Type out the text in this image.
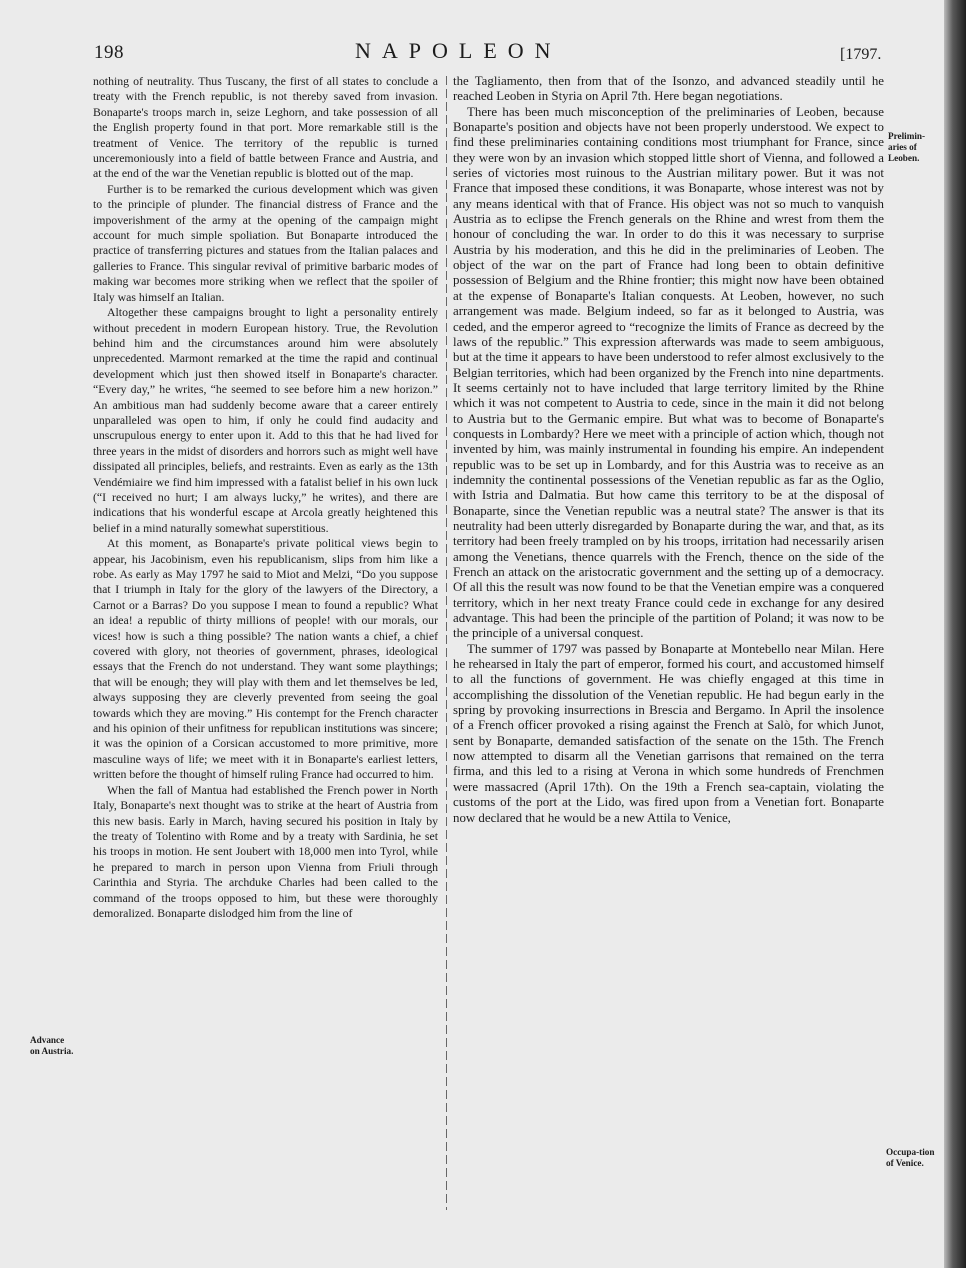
198	NAPOLEON	[1797.

nothing of neutrality. Thus Tuscany, the first of all states to conclude a treaty with the French republic, is not thereby saved from invasion. Bonaparte's troops march in, seize Leghorn, and take possession of all the English property found in that port. More remarkable still is the treatment of Venice. The territory of the republic is turned unceremoniously into a field of battle between France and Austria, and at the end of the war the Venetian republic is blotted out of the map.

Further is to be remarked the curious development which was given to the principle of plunder. The financial distress of France and the impoverishment of the army at the opening of the campaign might account for much simple spoliation. But Bonaparte introduced the practice of transferring pictures and statues from the Italian palaces and galleries to France. This singular revival of primitive barbaric modes of making war becomes more striking when we reflect that the spoiler of Italy was himself an Italian.

Altogether these campaigns brought to light a personality entirely without precedent in modern European history. True, the Revolution behind him and the circumstances around him were absolutely unprecedented. Marmont remarked at the time the rapid and continual development which just then showed itself in Bonaparte's character. “Every day,” he writes, “he seemed to see before him a new horizon.” An ambitious man had suddenly become aware that a career entirely unparalleled was open to him, if only he could find audacity and unscrupulous energy to enter upon it. Add to this that he had lived for three years in the midst of disorders and horrors such as might well have dissipated all principles, beliefs, and restraints. Even as early as the 13th Vendémiaire we find him impressed with a fatalist belief in his own luck (“I received no hurt; I am always lucky,” he writes), and there are indications that his wonderful escape at Arcola greatly heightened this belief in a mind naturally somewhat superstitious.

At this moment, as Bonaparte's private political views begin to appear, his Jacobinism, even his republicanism, slips from him like a robe. As early as May 1797 he said to Miot and Melzi, “Do you suppose that I triumph in Italy for the glory of the lawyers of the Directory, a Carnot or a Barras? Do you suppose I mean to found a republic? What an idea! a republic of thirty millions of people! with our morals, our vices! how is such a thing possible? The nation wants a chief, a chief covered with glory, not theories of government, phrases, ideological essays that the French do not understand. They want some playthings; that will be enough; they will play with them and let themselves be led, always supposing they are cleverly prevented from seeing the goal towards which they are moving.” His contempt for the French character and his opinion of their unfitness for republican institutions was sincere; it was the opinion of a Corsican accustomed to more primitive, more masculine ways of life; we meet with it in Bonaparte's earliest letters, written before the thought of himself ruling France had occurred to him.

When the fall of Mantua had established the French power in North Italy, Bonaparte's next thought was to strike at the heart of Austria from this new basis. Early in March, having secured his position in Italy by the treaty of Tolentino with Rome and by a treaty with Sardinia, he set his troops in motion. He sent Joubert with 18,000 men into Tyrol, while he prepared to march in person upon Vienna from Friuli through Carinthia and Styria. The archduke Charles had been called to the command of the troops opposed to him, but these were thoroughly demoralized. Bonaparte dislodged him from the line of

the Tagliamento, then from that of the Isonzo, and advanced steadily until he reached Leoben in Styria on April 7th. Here began negotiations.

There has been much misconception of the preliminaries of Leoben, because Bonaparte's position and objects have not been properly understood. We expect to find these preliminaries containing conditions most triumphant for France, since they were won by an invasion which stopped little short of Vienna, and followed a series of victories most ruinous to the Austrian military power. But it was not France that imposed these conditions, it was Bonaparte, whose interest was not by any means identical with that of France. His object was not so much to vanquish Austria as to eclipse the French generals on the Rhine and wrest from them the honour of concluding the war. In order to do this it was necessary to surprise Austria by his moderation, and this he did in the preliminaries of Leoben. The object of the war on the part of France had long been to obtain definitive possession of Belgium and the Rhine frontier; this might now have been obtained at the expense of Bonaparte's Italian conquests. At Leoben, however, no such arrangement was made. Belgium indeed, so far as it belonged to Austria, was ceded, and the emperor agreed to “recognize the limits of France as decreed by the laws of the republic.” This expression afterwards was made to seem ambiguous, but at the time it appears to have been understood to refer almost exclusively to the Belgian territories, which had been organized by the French into nine departments. It seems certainly not to have included that large territory limited by the Rhine which it was not competent to Austria to cede, since in the main it did not belong to Austria but to the Germanic empire. But what was to become of Bonaparte's conquests in Lombardy? Here we meet with a principle of action which, though not invented by him, was mainly instrumental in founding his empire. An independent republic was to be set up in Lombardy, and for this Austria was to receive as an indemnity the continental possessions of the Venetian republic as far as the Oglio, with Istria and Dalmatia. But how came this territory to be at the disposal of Bonaparte, since the Venetian republic was a neutral state? The answer is that its neutrality had been utterly disregarded by Bonaparte during the war, and that, as its territory had been freely trampled on by his troops, irritation had necessarily arisen among the Venetians, thence quarrels with the French, thence on the side of the French an attack on the aristocratic government and the setting up of a democracy. Of all this the result was now found to be that the Venetian empire was a conquered territory, which in her next treaty France could cede in exchange for any desired advantage. This had been the principle of the partition of Poland; it was now to be the principle of a universal conquest.

The summer of 1797 was passed by Bonaparte at Montebello near Milan. Here he rehearsed in Italy the part of emperor, formed his court, and accustomed himself to all the functions of government. He was chiefly engaged at this time in accomplishing the dissolution of the Venetian republic. He had begun early in the spring by provoking insurrections in Brescia and Bergamo. In April the insolence of a French officer provoked a rising against the French at Salò, for which Junot, sent by Bonaparte, demanded satisfaction of the senate on the 15th. The French now attempted to disarm all the Venetian garrisons that remained on the terra firma, and this led to a rising at Verona in which some hundreds of Frenchmen were massacred (April 17th). On the 19th a French sea-captain, violating the customs of the port at the Lido, was fired upon from a Venetian fort. Bonaparte now declared that he would be a new Attila to Venice,

Advance on Austria.
Prelimin-aries of Leoben.
Occupa-tion of Venice.
